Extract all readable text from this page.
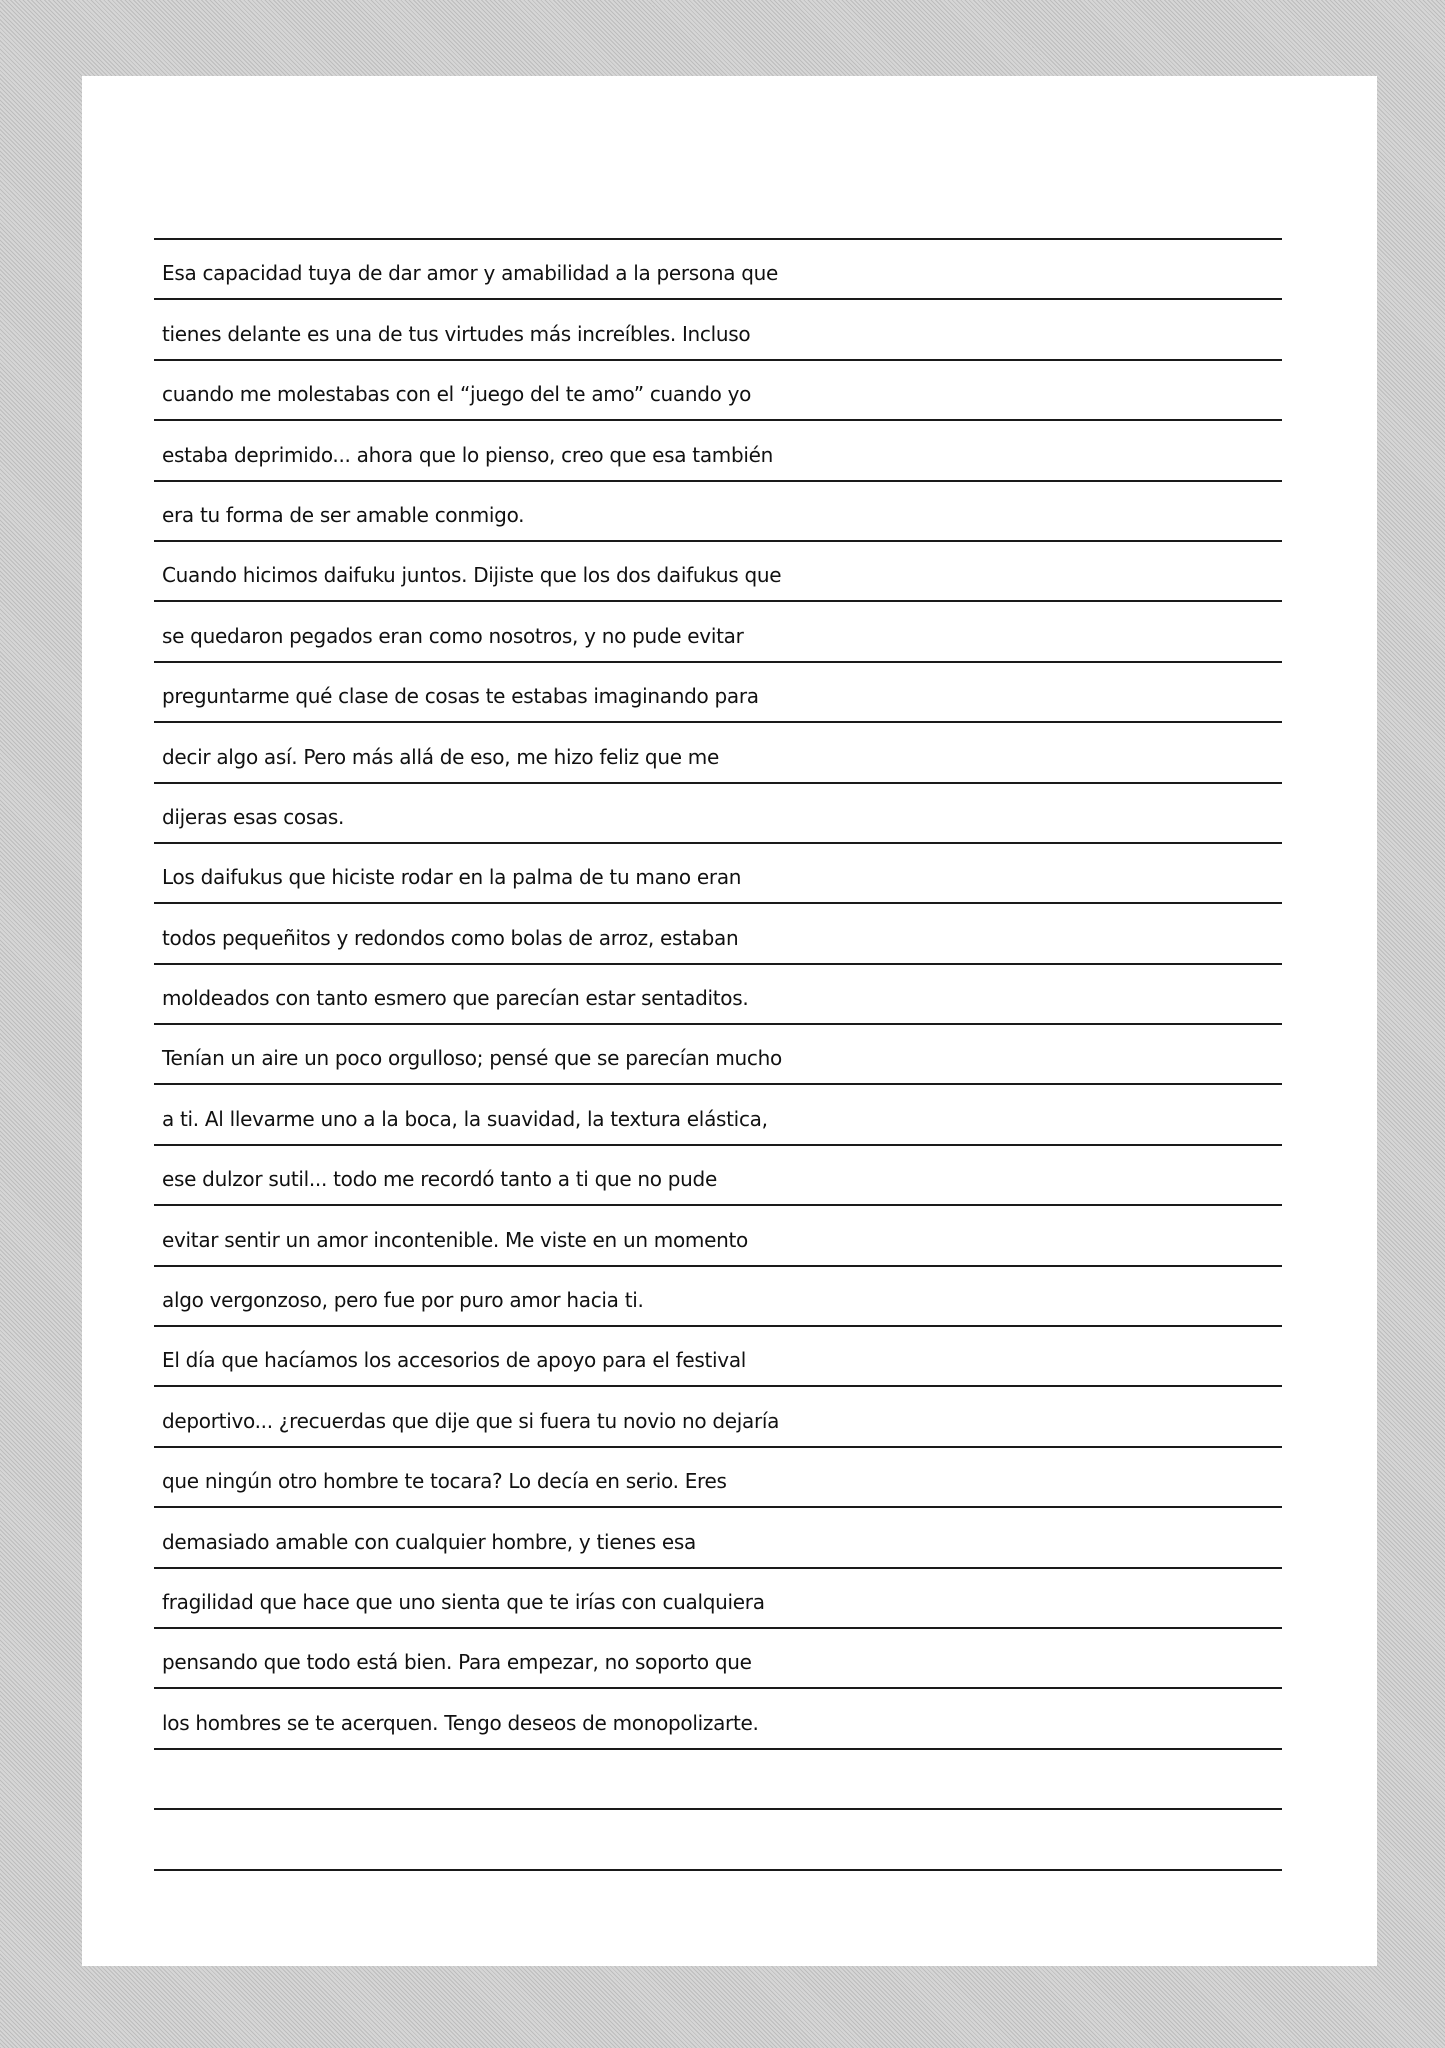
Esa capacidad tuya de dar amor y amabilidad a la persona que
tienes delante es una de tus virtudes más increíbles. Incluso
cuando me molestabas con el “juego del te amo” cuando yo
estaba deprimido... ahora que lo pienso, creo que esa también
era tu forma de ser amable conmigo.
Cuando hicimos daifuku juntos. Dijiste que los dos daifukus que
se quedaron pegados eran como nosotros, y no pude evitar
preguntarme qué clase de cosas te estabas imaginando para
decir algo así. Pero más allá de eso, me hizo feliz que me
dijeras esas cosas.
Los daifukus que hiciste rodar en la palma de tu mano eran
todos pequeñitos y redondos como bolas de arroz, estaban
moldeados con tanto esmero que parecían estar sentaditos.
Tenían un aire un poco orgulloso; pensé que se parecían mucho
a ti. Al llevarme uno a la boca, la suavidad, la textura elástica,
ese dulzor sutil... todo me recordó tanto a ti que no pude
evitar sentir un amor incontenible. Me viste en un momento
algo vergonzoso, pero fue por puro amor hacia ti.
El día que hacíamos los accesorios de apoyo para el festival
deportivo... ¿recuerdas que dije que si fuera tu novio no dejaría
que ningún otro hombre te tocara? Lo decía en serio. Eres
demasiado amable con cualquier hombre, y tienes esa
fragilidad que hace que uno sienta que te irías con cualquiera
pensando que todo está bien. Para empezar, no soporto que
los hombres se te acerquen. Tengo deseos de monopolizarte.
